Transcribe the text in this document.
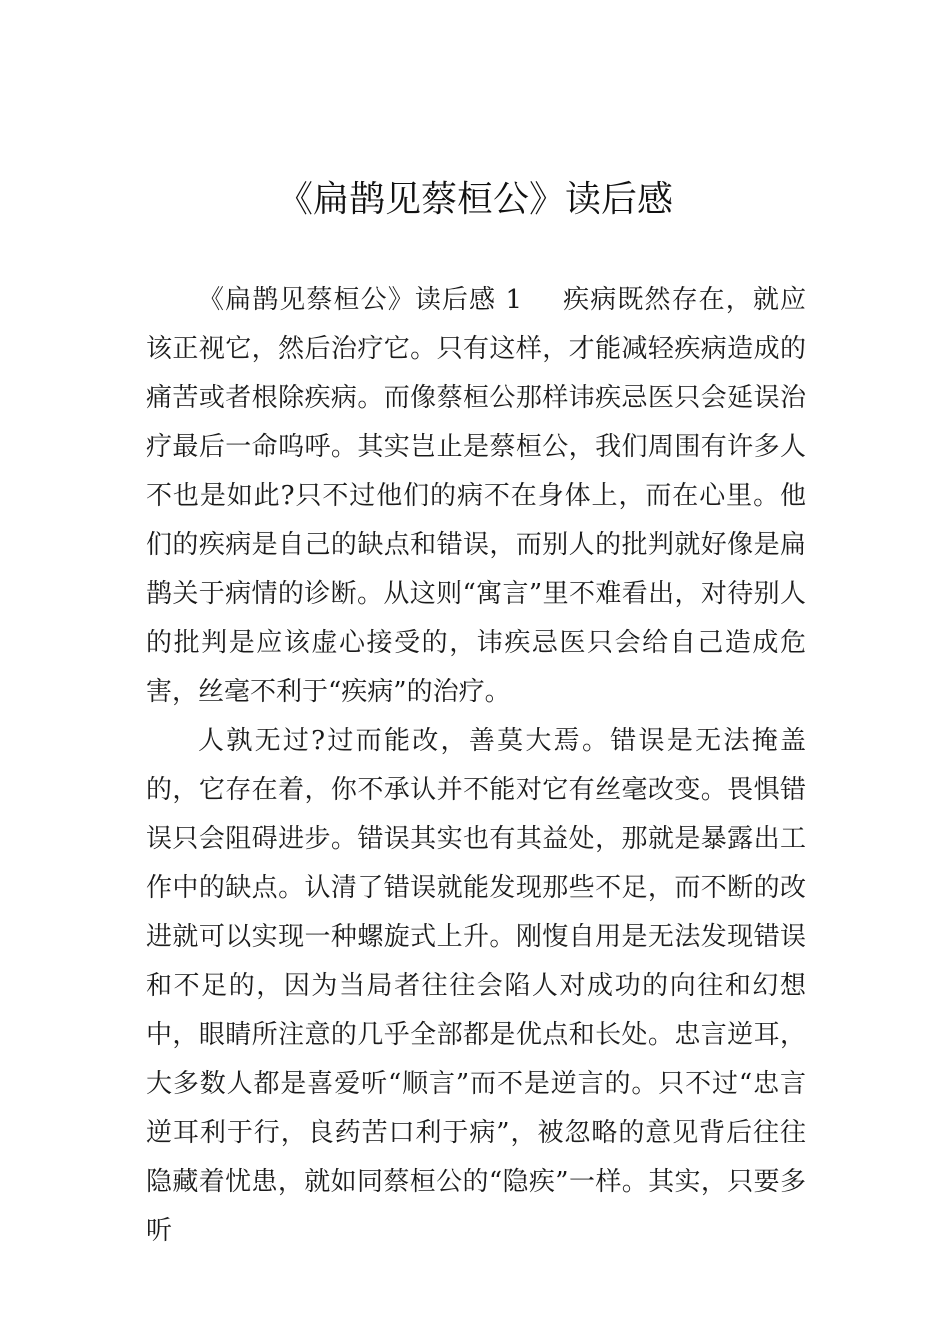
《扁鹊见蔡桓公》读后感

《扁鹊见蔡桓公》读后感 1 疾病既然存在，就应该正视它，然后治疗它。只有这样，才能减轻疾病造成的痛苦或者根除疾病。而像蔡桓公那样讳疾忌医只会延误治疗最后一命呜呼。其实岂止是蔡桓公，我们周围有许多人不也是如此?只不过他们的病不在身体上，而在心里。他们的疾病是自己的缺点和错误，而别人的批判就好像是扁鹊关于病情的诊断。从这则“寓言”里不难看出，对待别人的批判是应该虚心接受的，讳疾忌医只会给自己造成危害，丝毫不利于“疾病”的治疗。

人孰无过?过而能改，善莫大焉。错误是无法掩盖的，它存在着，你不承认并不能对它有丝毫改变。畏惧错误只会阻碍进步。错误其实也有其益处，那就是暴露出工作中的缺点。认清了错误就能发现那些不足，而不断的改进就可以实现一种螺旋式上升。刚愎自用是无法发现错误和不足的，因为当局者往往会陷人对成功的向往和幻想中，眼睛所注意的几乎全部都是优点和长处。忠言逆耳，大多数人都是喜爱听“顺言”而不是逆言的。只不过“忠言逆耳利于行，良药苦口利于病”，被忽略的意见背后往往隐藏着忧患，就如同蔡桓公的“隐疾”一样。其实，只要多听
